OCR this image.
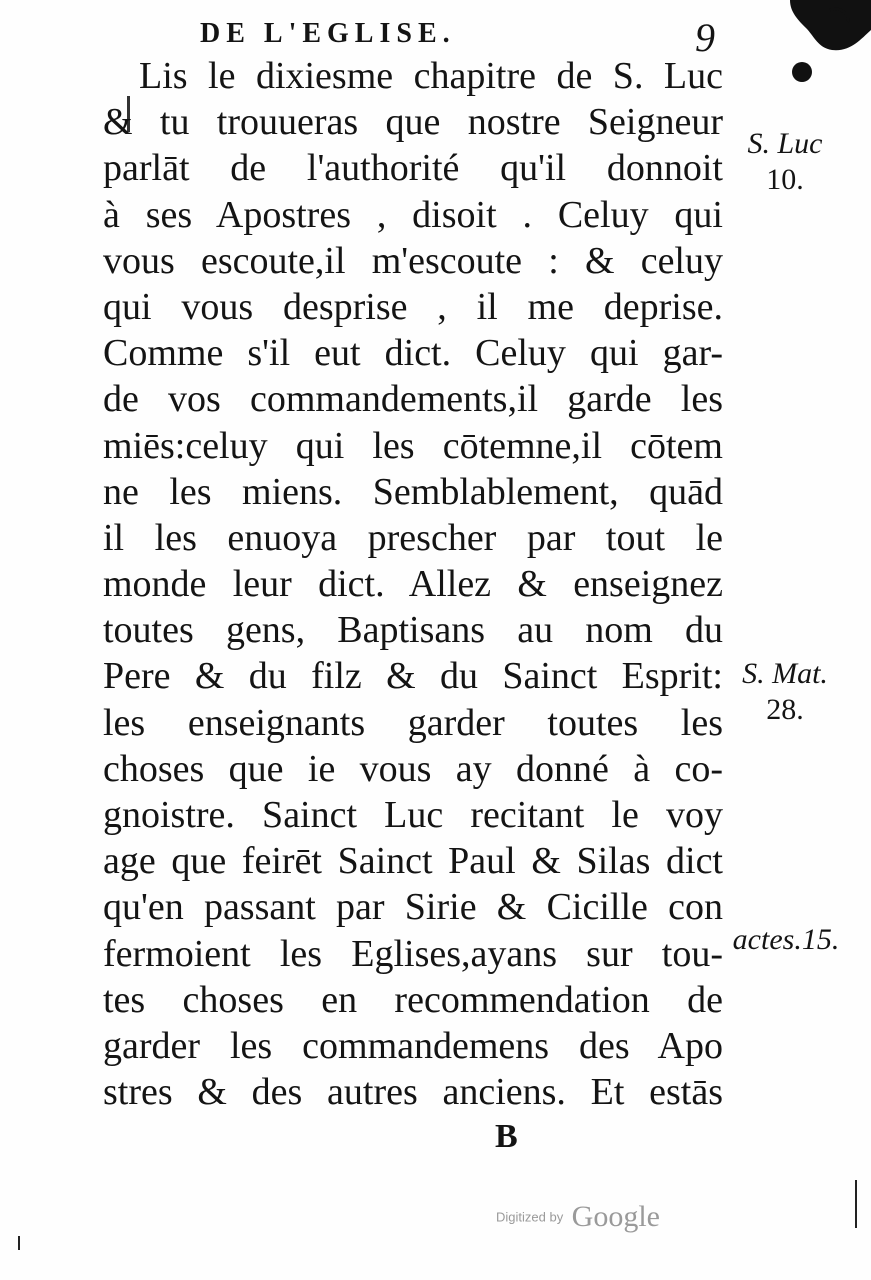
DE L'EGLISE.	9
Lis le dixiesme chapitre de S. Luc
& tu trouueras que nostre Seigneur
parlāt de l'authorité qu'il donnoit
à ses Apostres , disoit . Celuy qui
vous escoute,il m'escoute : & celuy
qui vous desprise , il me deprise.
Comme s'il eut dict. Celuy qui gar-
de vos commandements,il garde les
miēs:celuy qui les cōtemne,il cōtem
ne les miens. Semblablement, quād
il les enuoya prescher par tout le
monde leur dict. Allez & enseignez
toutes gens, Baptisans au nom du
Pere & du filz & du Sainct Esprit:
les enseignants garder toutes les
choses que ie vous ay donné à co-
gnoistre. Sainct Luc recitant le voy
age que feirēt Sainct Paul & Silas dict
qu'en passant par Sirie & Cicille con
fermoient les Eglises,ayans sur tou-
tes choses en recommendation de
garder les commandemens des Apo
stres & des autres anciens. Et estās
S. Luc
10.
S. Mat.
28.
actes.15.
B
Digitized by Google
